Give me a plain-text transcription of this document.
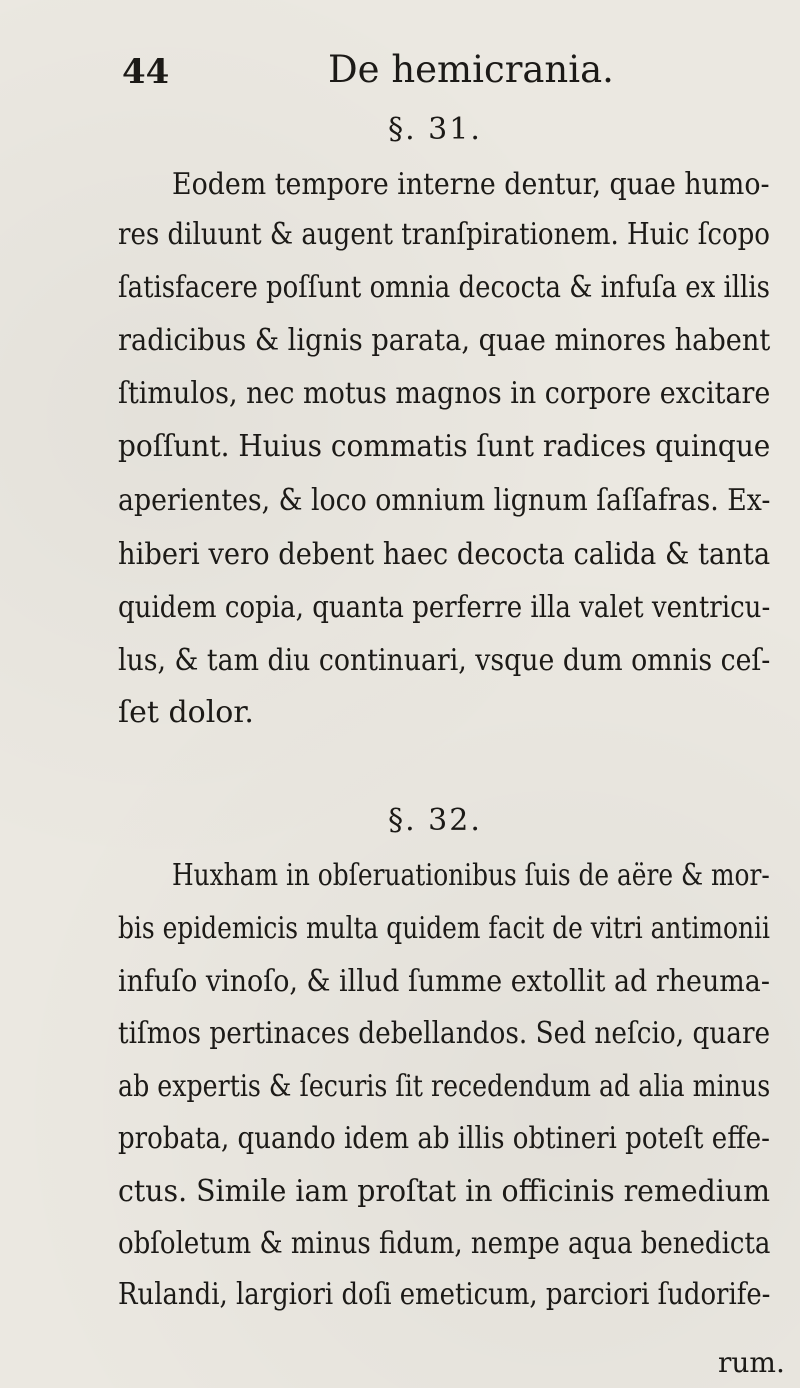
44	De hemicrania.
§. 31.
Eodem tempore interne dentur, quae humo-
res diluunt & augent tranſpirationem. Huic ſcopo
ſatisfacere poſſunt omnia decocta & infuſa ex illis
radicibus & lignis parata, quae minores habent
ſtimulos, nec motus magnos in corpore excitare
poſſunt. Huius commatis ſunt radices quinque
aperientes, & loco omnium lignum ſaſſafras. Ex-
hiberi vero debent haec decocta calida & tanta
quidem copia, quanta perferre illa valet ventricu-
lus, & tam diu continuari, vsque dum omnis ceſ-
ſet dolor.
§. 32.
Huxham in obſeruationibus ſuis de aëre & mor-
bis epidemicis multa quidem facit de vitri antimonii
infuſo vinoſo, & illud ſumme extollit ad rheuma-
tiſmos pertinaces debellandos. Sed neſcio, quare
ab expertis & ſecuris ſit recedendum ad alia minus
probata, quando idem ab illis obtineri poteſt effe-
ctus. Simile iam proſtat in officinis remedium
obſoletum & minus fidum, nempe aqua benedicta
Rulandi, largiori doſi emeticum, parciori ſudorife-
rum.
